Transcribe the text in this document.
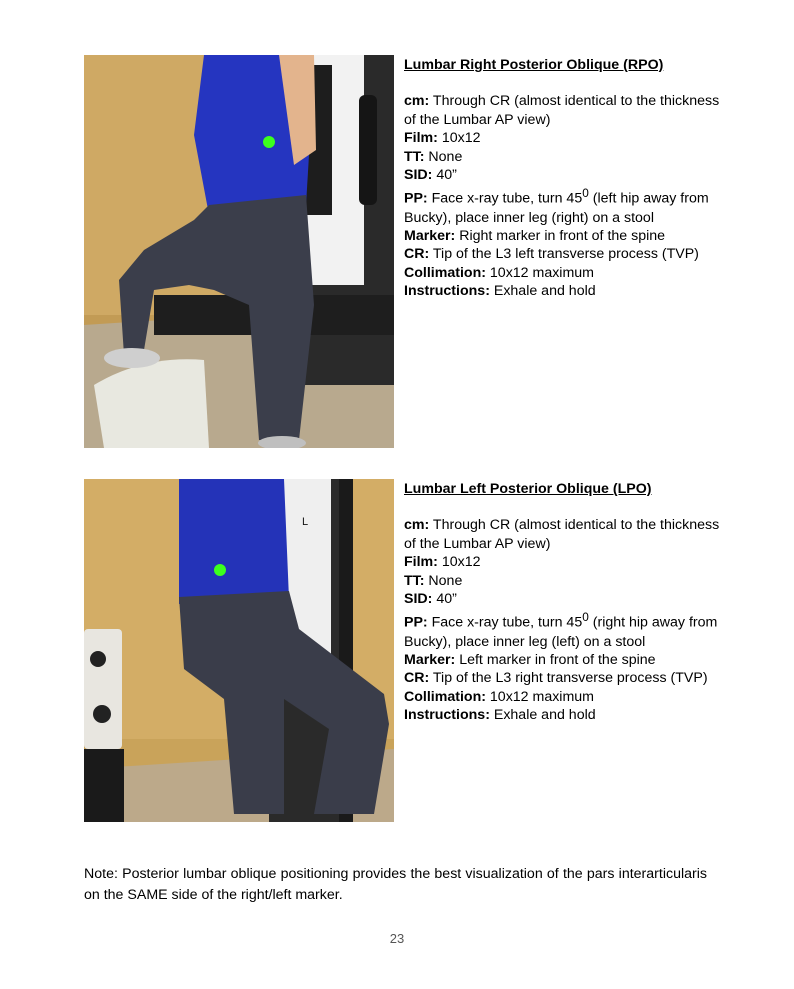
Lumbar Right Posterior Oblique (RPO)
cm: Through CR (almost identical to the thickness of the Lumbar AP view)
Film: 10x12
TT: None
SID: 40”
PP: Face x-ray tube, turn $45^0$ (left hip away from Bucky), place inner leg (right) on a stool
Marker: Right marker in front of the spine
CR: Tip of the L3 left transverse process (TVP)
Collimation: 10x12 maximum
Instructions: Exhale and hold
L
Lumbar Left Posterior Oblique (LPO)
cm: Through CR (almost identical to the thickness of the Lumbar AP view)
Film: 10x12
TT: None
SID: 40”
PP: Face x-ray tube, turn $45^0$ (right hip away from Bucky), place inner leg (left) on a stool
Marker: Left marker in front of the spine
CR: Tip of the L3 right transverse process (TVP)
Collimation: 10x12 maximum
Instructions: Exhale and hold
Note: Posterior lumbar oblique positioning provides the best visualization of the pars interarticularis on the SAME side of the right/left marker.
23
